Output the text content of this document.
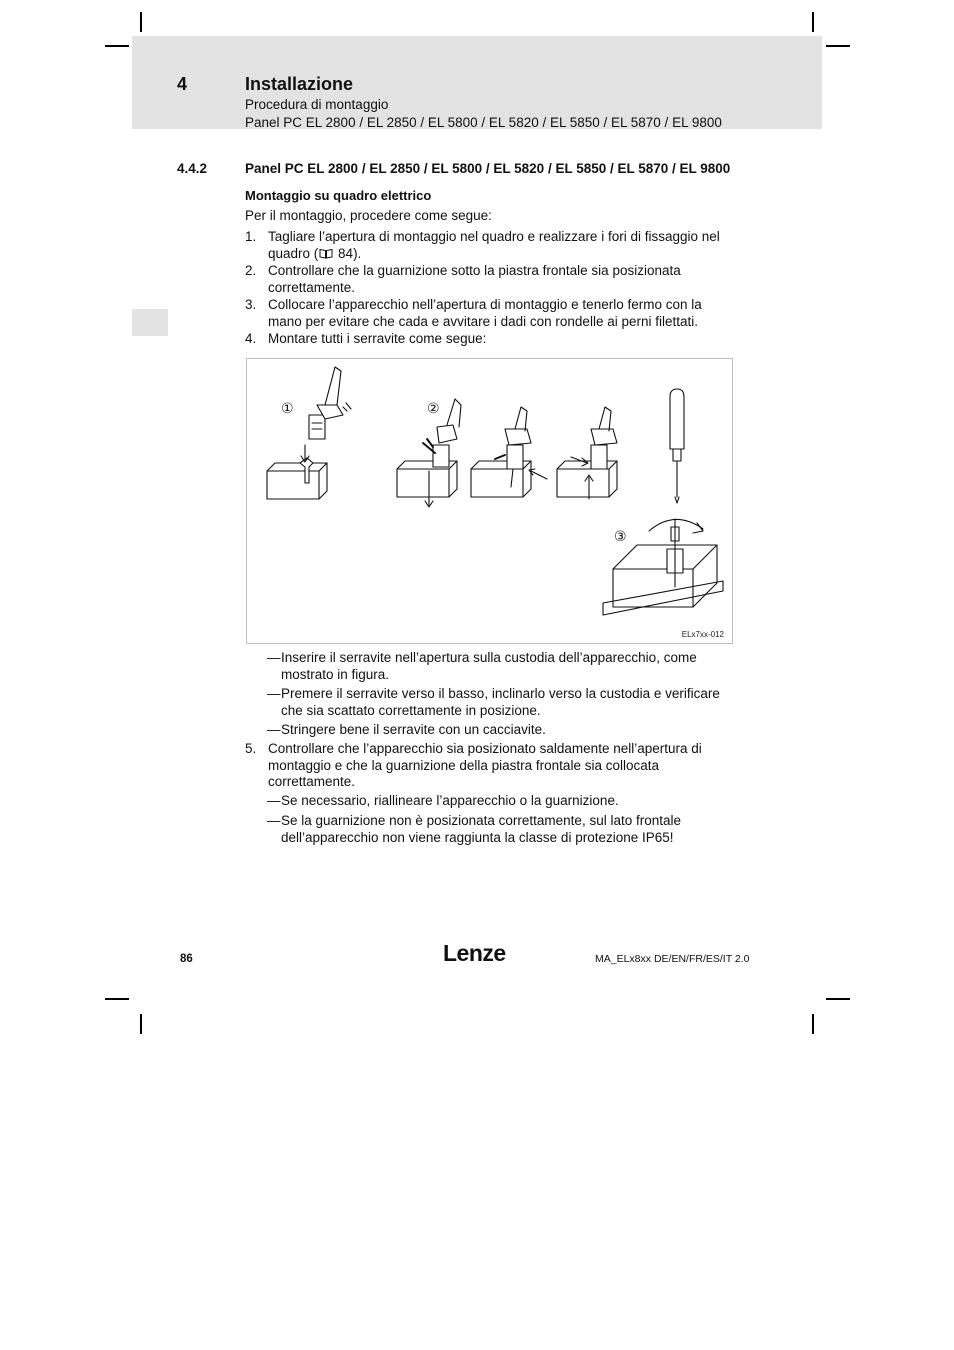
4	Installazione
Procedura di montaggio
Panel PC EL 2800 / EL 2850 / EL 5800 / EL 5820 / EL 5850 / EL 5870 / EL 9800
4.4.2	Panel PC EL 2800 / EL 2850 / EL 5800 / EL 5820 / EL 5850 / EL 5870 / EL 9800
Montaggio su quadro elettrico
Per il montaggio, procedere come segue:
1. Tagliare l’apertura di montaggio nel quadro e realizzare i fori di fissaggio nel quadro ( 84).
2. Controllare che la guarnizione sotto la piastra frontale sia posizionata correttamente.
3. Collocare l’apparecchio nell’apertura di montaggio e tenerlo fermo con la mano per evitare che cada e avvitare i dadi con rondelle ai perni filettati.
4. Montare tutti i serravite come segue:
①	②
③
ELx7xx-012
— Inserire il serravite nell’apertura sulla custodia dell’apparecchio, come mostrato in figura.
— Premere il serravite verso il basso, inclinarlo verso la custodia e verificare che sia scattato correttamente in posizione.
— Stringere bene il serravite con un cacciavite.
5. Controllare che l’apparecchio sia posizionato saldamente nell’apertura di montaggio e che la guarnizione della piastra frontale sia collocata correttamente.
— Se necessario, riallineare l’apparecchio o la guarnizione.
— Se la guarnizione non è posizionata correttamente, sul lato frontale dell’apparecchio non viene raggiunta la classe di protezione IP65!
86	Lenze	MA_ELx8xx DE/EN/FR/ES/IT 2.0
